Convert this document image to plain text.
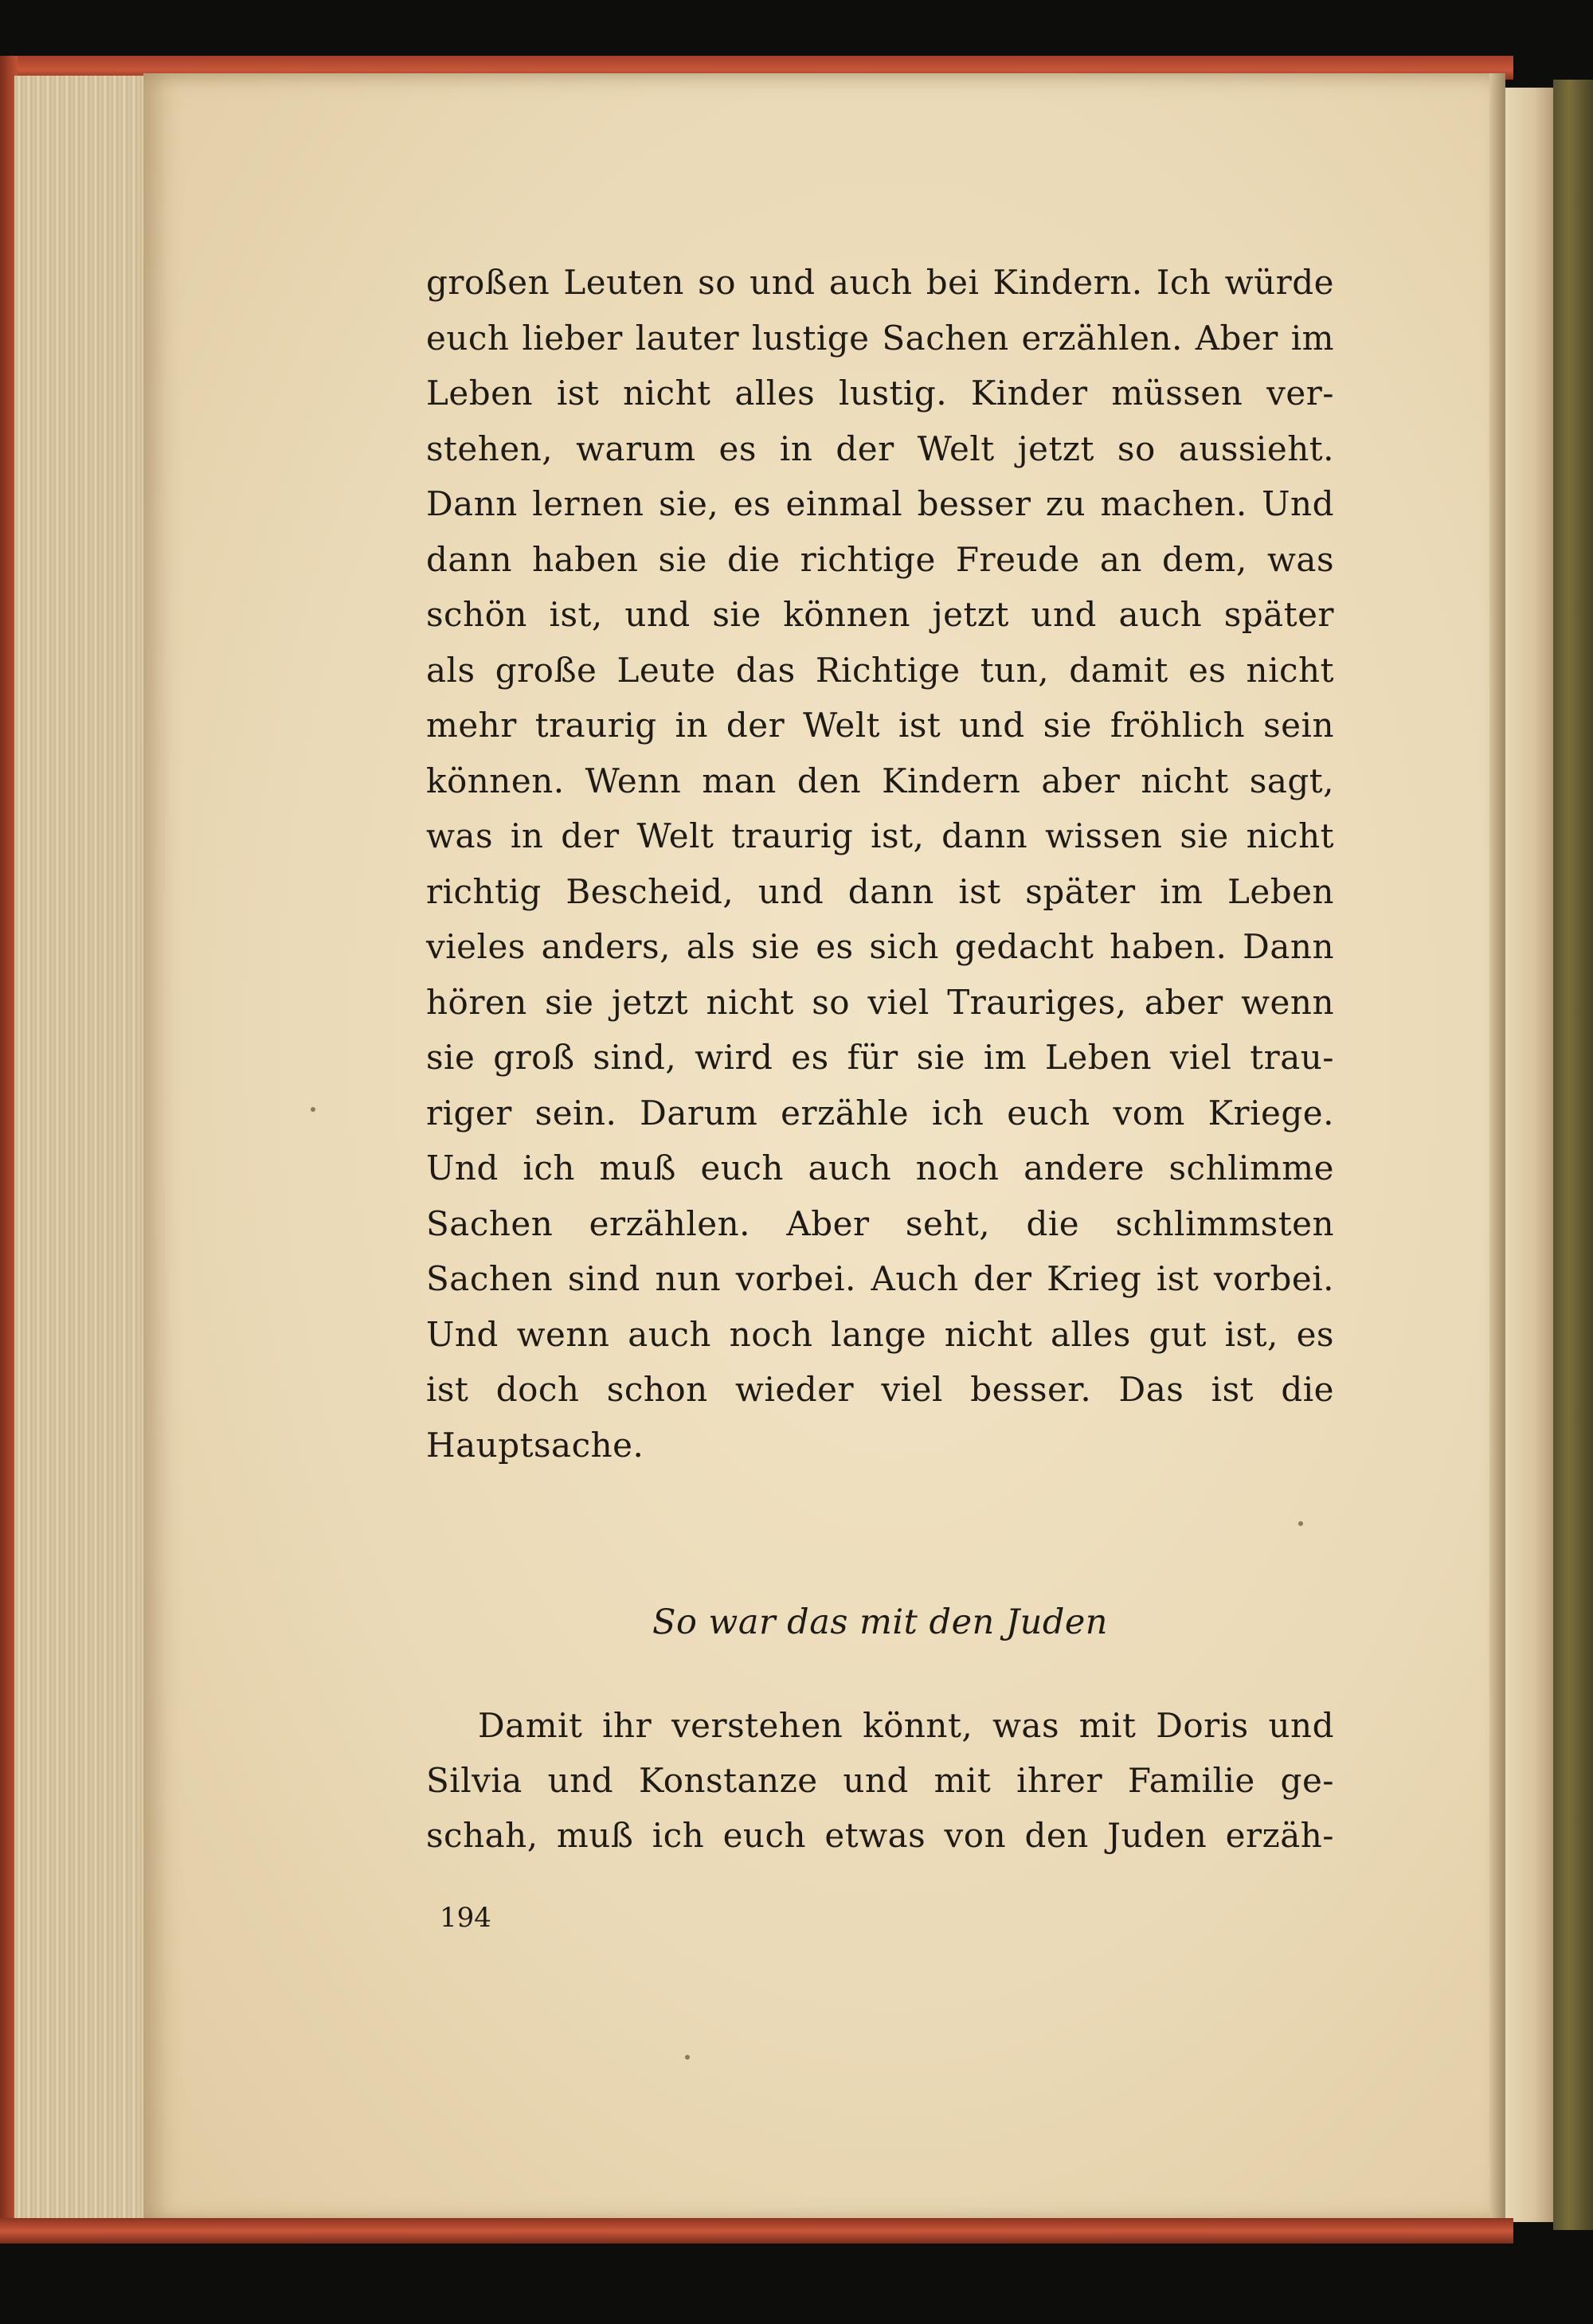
großen Leuten so und auch bei Kindern. Ich würde
euch lieber lauter lustige Sachen erzählen. Aber im
Leben ist nicht alles lustig. Kinder müssen ver-
stehen, warum es in der Welt jetzt so aussieht.
Dann lernen sie, es einmal besser zu machen. Und
dann haben sie die richtige Freude an dem, was
schön ist, und sie können jetzt und auch später
als große Leute das Richtige tun, damit es nicht
mehr traurig in der Welt ist und sie fröhlich sein
können. Wenn man den Kindern aber nicht sagt,
was in der Welt traurig ist, dann wissen sie nicht
richtig Bescheid, und dann ist später im Leben
vieles anders, als sie es sich gedacht haben. Dann
hören sie jetzt nicht so viel Trauriges, aber wenn
sie groß sind, wird es für sie im Leben viel trau-
riger sein. Darum erzähle ich euch vom Kriege.
Und ich muß euch auch noch andere schlimme
Sachen erzählen. Aber seht, die schlimmsten
Sachen sind nun vorbei. Auch der Krieg ist vorbei.
Und wenn auch noch lange nicht alles gut ist, es
ist doch schon wieder viel besser. Das ist die
Hauptsache.
So war das mit den Juden
Damit ihr verstehen könnt, was mit Doris und
Silvia und Konstanze und mit ihrer Familie ge-
schah, muß ich euch etwas von den Juden erzäh-
194
